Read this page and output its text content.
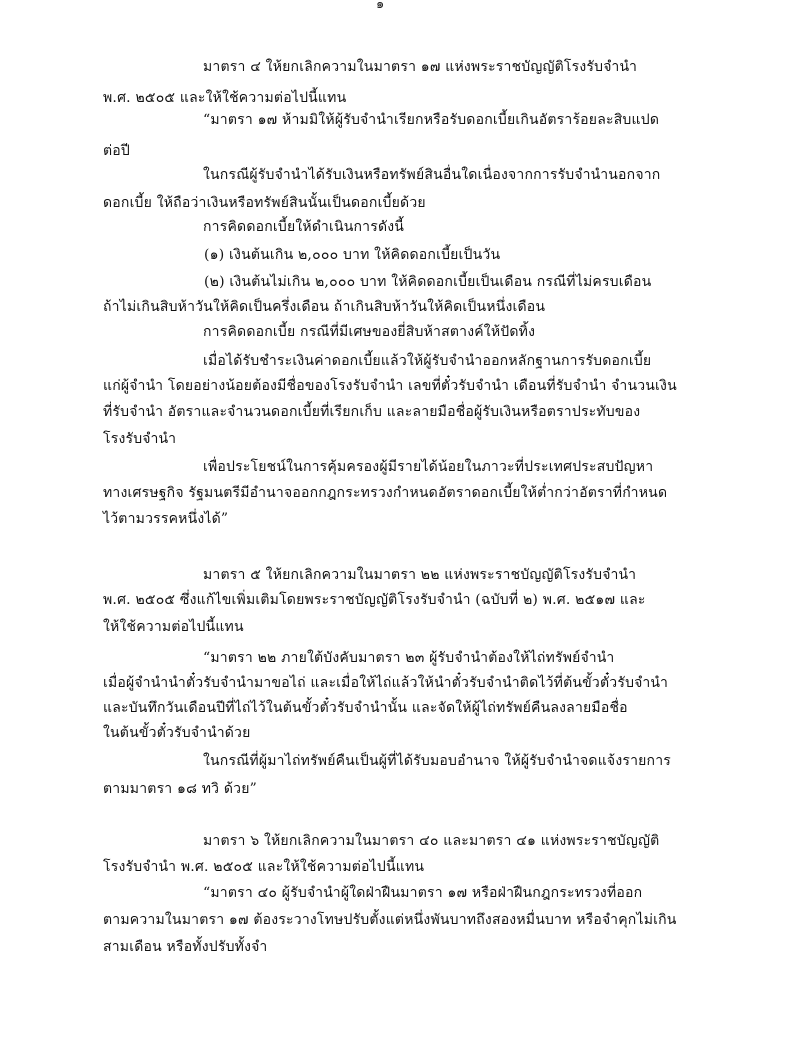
๑
มาตรา ๔ ให้ยกเลิกความในมาตรา ๑๗ แห่งพระราชบัญญัติโรงรับจำนำ
พ.ศ. ๒๕๐๕ และให้ใช้ความต่อไปนี้แทน
“มาตรา ๑๗ ห้ามมิให้ผู้รับจำนำเรียกหรือรับดอกเบี้ยเกินอัตราร้อยละสิบแปด
ต่อปี
ในกรณีผู้รับจำนำได้รับเงินหรือทรัพย์สินอื่นใดเนื่องจากการรับจำนำนอกจาก
ดอกเบี้ย ให้ถือว่าเงินหรือทรัพย์สินนั้นเป็นดอกเบี้ยด้วย
การคิดดอกเบี้ยให้ดำเนินการดังนี้
(๑) เงินต้นเกิน ๒,๐๐๐ บาท ให้คิดดอกเบี้ยเป็นวัน
(๒) เงินต้นไม่เกิน ๒,๐๐๐ บาท ให้คิดดอกเบี้ยเป็นเดือน กรณีที่ไม่ครบเดือน
ถ้าไม่เกินสิบห้าวันให้คิดเป็นครึ่งเดือน ถ้าเกินสิบห้าวันให้คิดเป็นหนึ่งเดือน
การคิดดอกเบี้ย กรณีที่มีเศษของยี่สิบห้าสตางค์ให้ปัดทิ้ง
เมื่อได้รับชำระเงินค่าดอกเบี้ยแล้วให้ผู้รับจำนำออกหลักฐานการรับดอกเบี้ย
แก่ผู้จำนำ โดยอย่างน้อยต้องมีชื่อของโรงรับจำนำ เลขที่ตั๋วรับจำนำ เดือนที่รับจำนำ จำนวนเงิน
ที่รับจำนำ อัตราและจำนวนดอกเบี้ยที่เรียกเก็บ และลายมือชื่อผู้รับเงินหรือตราประทับของ
โรงรับจำนำ
เพื่อประโยชน์ในการคุ้มครองผู้มีรายได้น้อยในภาวะที่ประเทศประสบปัญหา
ทางเศรษฐกิจ รัฐมนตรีมีอำนาจออกกฎกระทรวงกำหนดอัตราดอกเบี้ยให้ต่ำกว่าอัตราที่กำหนด
ไว้ตามวรรคหนึ่งได้”
มาตรา ๕ ให้ยกเลิกความในมาตรา ๒๒ แห่งพระราชบัญญัติโรงรับจำนำ
พ.ศ. ๒๕๐๕ ซึ่งแก้ไขเพิ่มเติมโดยพระราชบัญญัติโรงรับจำนำ (ฉบับที่ ๒) พ.ศ. ๒๕๑๗ และ
ให้ใช้ความต่อไปนี้แทน
“มาตรา ๒๒ ภายใต้บังคับมาตรา ๒๓ ผู้รับจำนำต้องให้ไถ่ทรัพย์จำนำ
เมื่อผู้จำนำนำตั๋วรับจำนำมาขอไถ่ และเมื่อให้ไถ่แล้วให้นำตั๋วรับจำนำติดไว้ที่ต้นขั้วตั๋วรับจำนำ
และบันทึกวันเดือนปีที่ไถ่ไว้ในต้นขั้วตั๋วรับจำนำนั้น และจัดให้ผู้ไถ่ทรัพย์คืนลงลายมือชื่อ
ในต้นขั้วตั๋วรับจำนำด้วย
ในกรณีที่ผู้มาไถ่ทรัพย์คืนเป็นผู้ที่ได้รับมอบอำนาจ ให้ผู้รับจำนำจดแจ้งรายการ
ตามมาตรา ๑๘ ทวิ ด้วย”
มาตรา ๖ ให้ยกเลิกความในมาตรา ๔๐ และมาตรา ๔๑ แห่งพระราชบัญญัติ
โรงรับจำนำ พ.ศ. ๒๕๐๕ และให้ใช้ความต่อไปนี้แทน
“มาตรา ๔๐ ผู้รับจำนำผู้ใดฝ่าฝืนมาตรา ๑๗ หรือฝ่าฝืนกฎกระทรวงที่ออก
ตามความในมาตรา ๑๗ ต้องระวางโทษปรับตั้งแต่หนึ่งพันบาทถึงสองหมื่นบาท หรือจำคุกไม่เกิน
สามเดือน หรือทั้งปรับทั้งจำ
